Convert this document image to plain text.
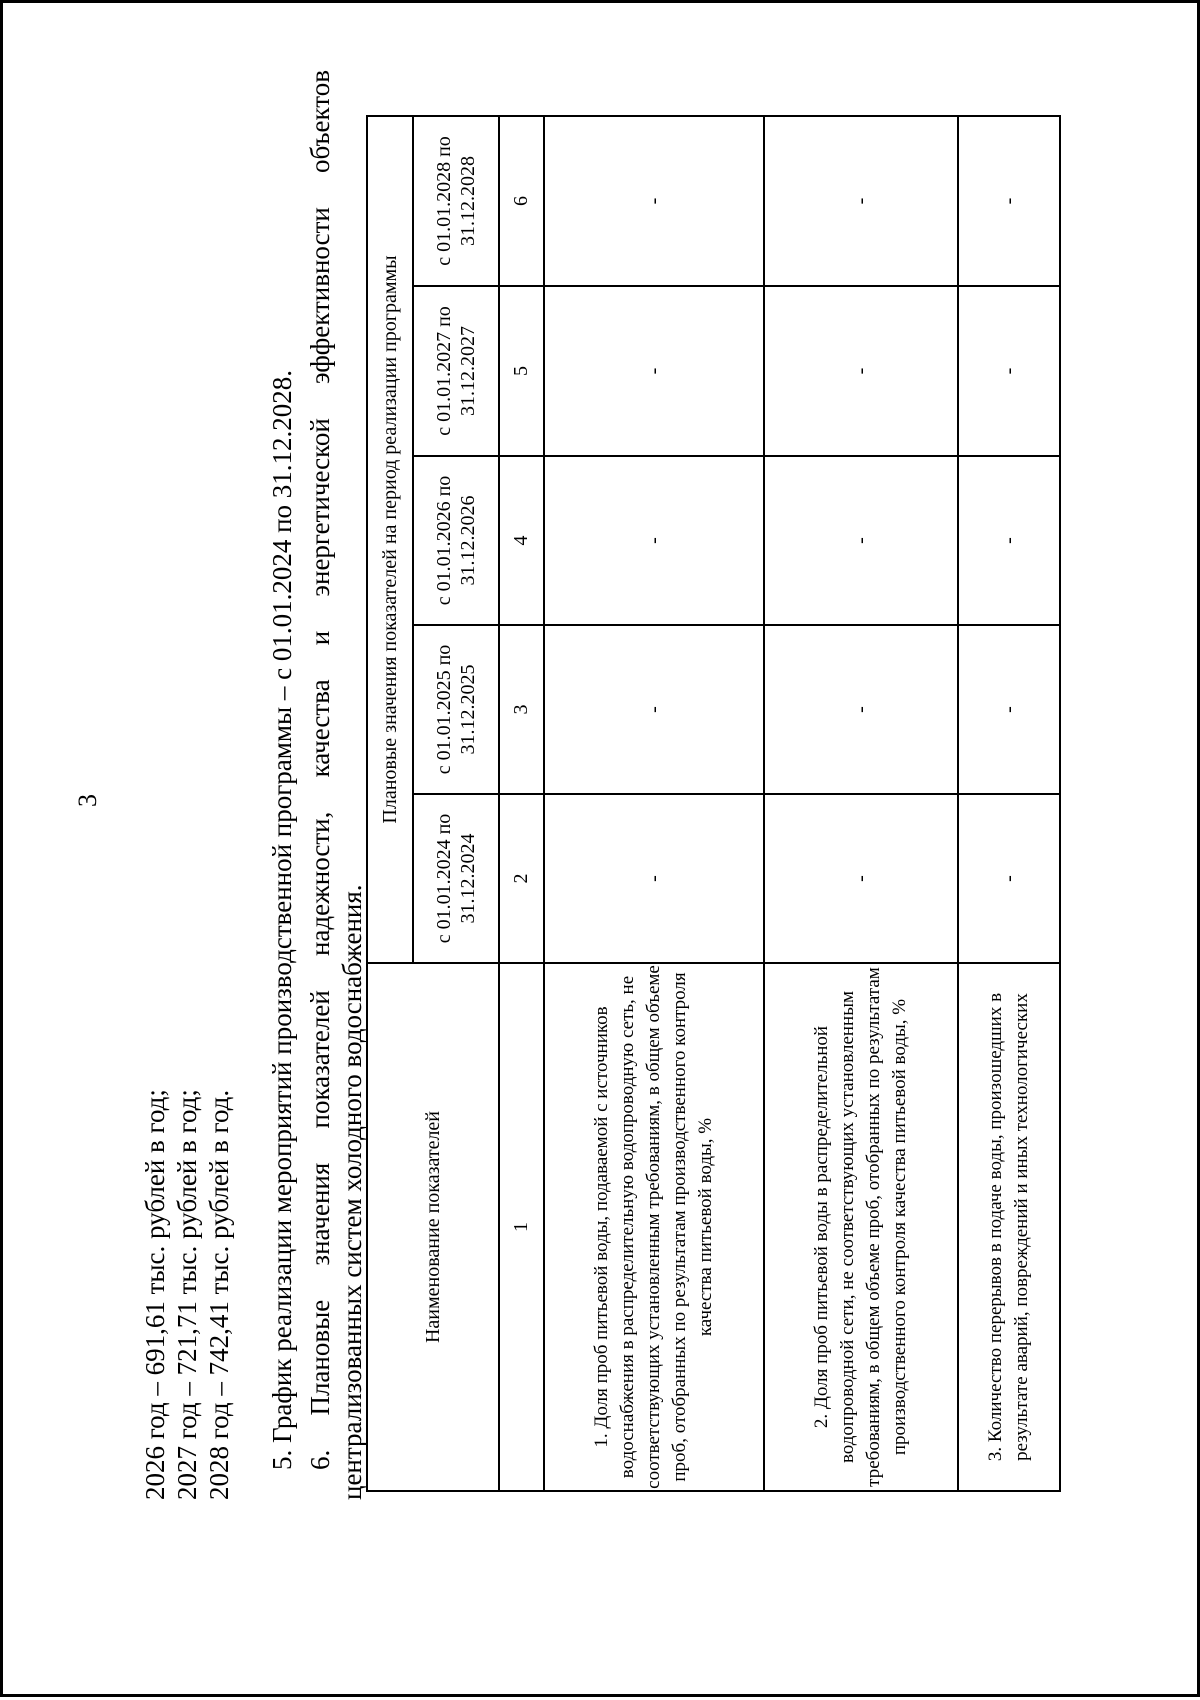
3
2026 год – 691,61 тыс. рублей в год; 2027 год – 721,71 тыс. рублей в год; 2028 год – 742,41 тыс. рублей в год. 5. График реализации мероприятий производственной программы – с 01.01.2024 по 31.12.2028. 6. Плановые значения показателей надежности, качества и энергетической эффективности объектов централизованных систем холодного водоснабжения.	Наименование показателей	Плановые значения показателей на период реализации программы				
	с 01.01.2024 по 31.12.2024	с 01.01.2025 по 31.12.2025	с 01.01.2026 по 31.12.2026	с 01.01.2027 по 31.12.2027	с 01.01.2028 по 31.12.2028
1	2	3	4	5	6
1. Доля проб питьевой воды, подаваемой с источников водоснабжения в распределительную водопроводную сеть, не соответствующих установленным требованиям, в общем объеме проб, отобранных по результатам производственного контроля качества питьевой воды, %	-	-	-	-	-
2. Доля проб питьевой воды в распределительной водопроводной сети, не соответствующих установленным требованиям, в общем объеме проб, отобранных по результатам производственного контроля качества питьевой воды, %	-	-	-	-	-
3. Количество перерывов в подаче воды, произошедших в результате аварий, повреждений и иных технологических	-	-	-	-	-
